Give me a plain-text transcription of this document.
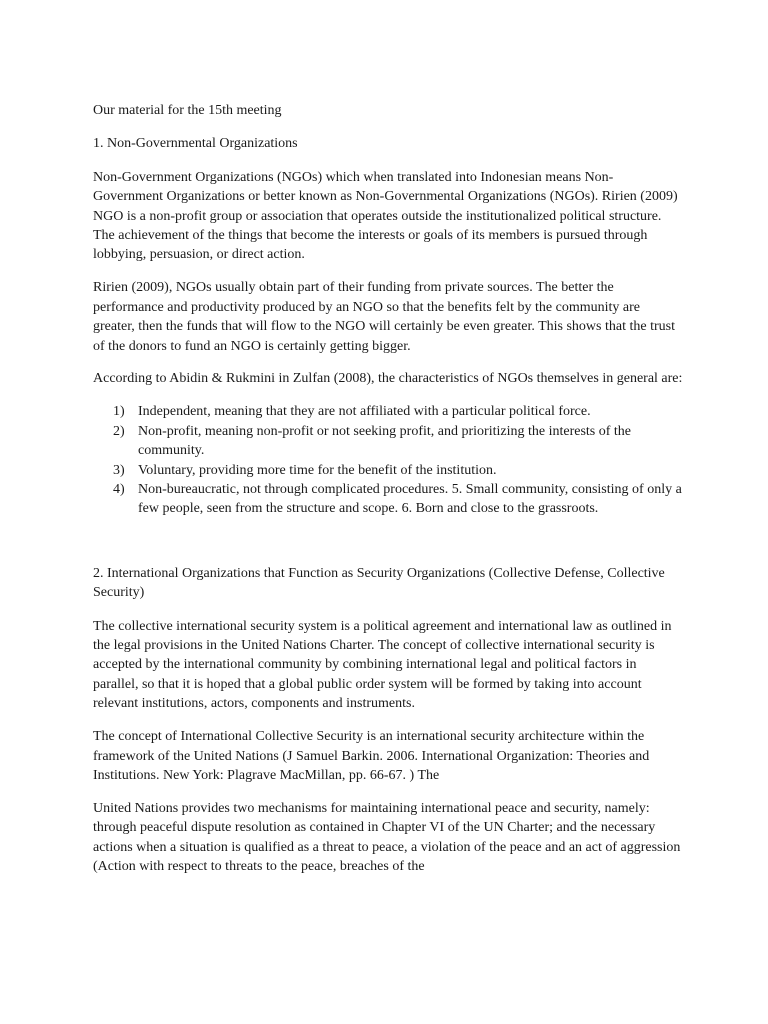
Our material for the 15th meeting

1. Non-Governmental Organizations

Non-Government Organizations (NGOs) which when translated into Indonesian means Non-Government Organizations or better known as Non-Governmental Organizations (NGOs). Ririen (2009) NGO is a non-profit group or association that operates outside the institutionalized political structure. The achievement of the things that become the interests or goals of its members is pursued through lobbying, persuasion, or direct action.

Ririen (2009), NGOs usually obtain part of their funding from private sources. The better the performance and productivity produced by an NGO so that the benefits felt by the community are greater, then the funds that will flow to the NGO will certainly be even greater. This shows that the trust of the donors to fund an NGO is certainly getting bigger.

According to Abidin & Rukmini in Zulfan (2008), the characteristics of NGOs themselves in general are:

1) Independent, meaning that they are not affiliated with a particular political force.
2) Non-profit, meaning non-profit or not seeking profit, and prioritizing the interests of the community.
3) Voluntary, providing more time for the benefit of the institution.
4) Non-bureaucratic, not through complicated procedures. 5. Small community, consisting of only a few people, seen from the structure and scope. 6. Born and close to the grassroots.

2. International Organizations that Function as Security Organizations (Collective Defense, Collective Security)

The collective international security system is a political agreement and international law as outlined in the legal provisions in the United Nations Charter. The concept of collective international security is accepted by the international community by combining international legal and political factors in parallel, so that it is hoped that a global public order system will be formed by taking into account relevant institutions, actors, components and instruments.

The concept of International Collective Security is an international security architecture within the framework of the United Nations (J Samuel Barkin. 2006. International Organization: Theories and Institutions. New York: Plagrave MacMillan, pp. 66-67. ) The

United Nations provides two mechanisms for maintaining international peace and security, namely: through peaceful dispute resolution as contained in Chapter VI of the UN Charter; and the necessary actions when a situation is qualified as a threat to peace, a violation of the peace and an act of aggression (Action with respect to threats to the peace, breaches of the
